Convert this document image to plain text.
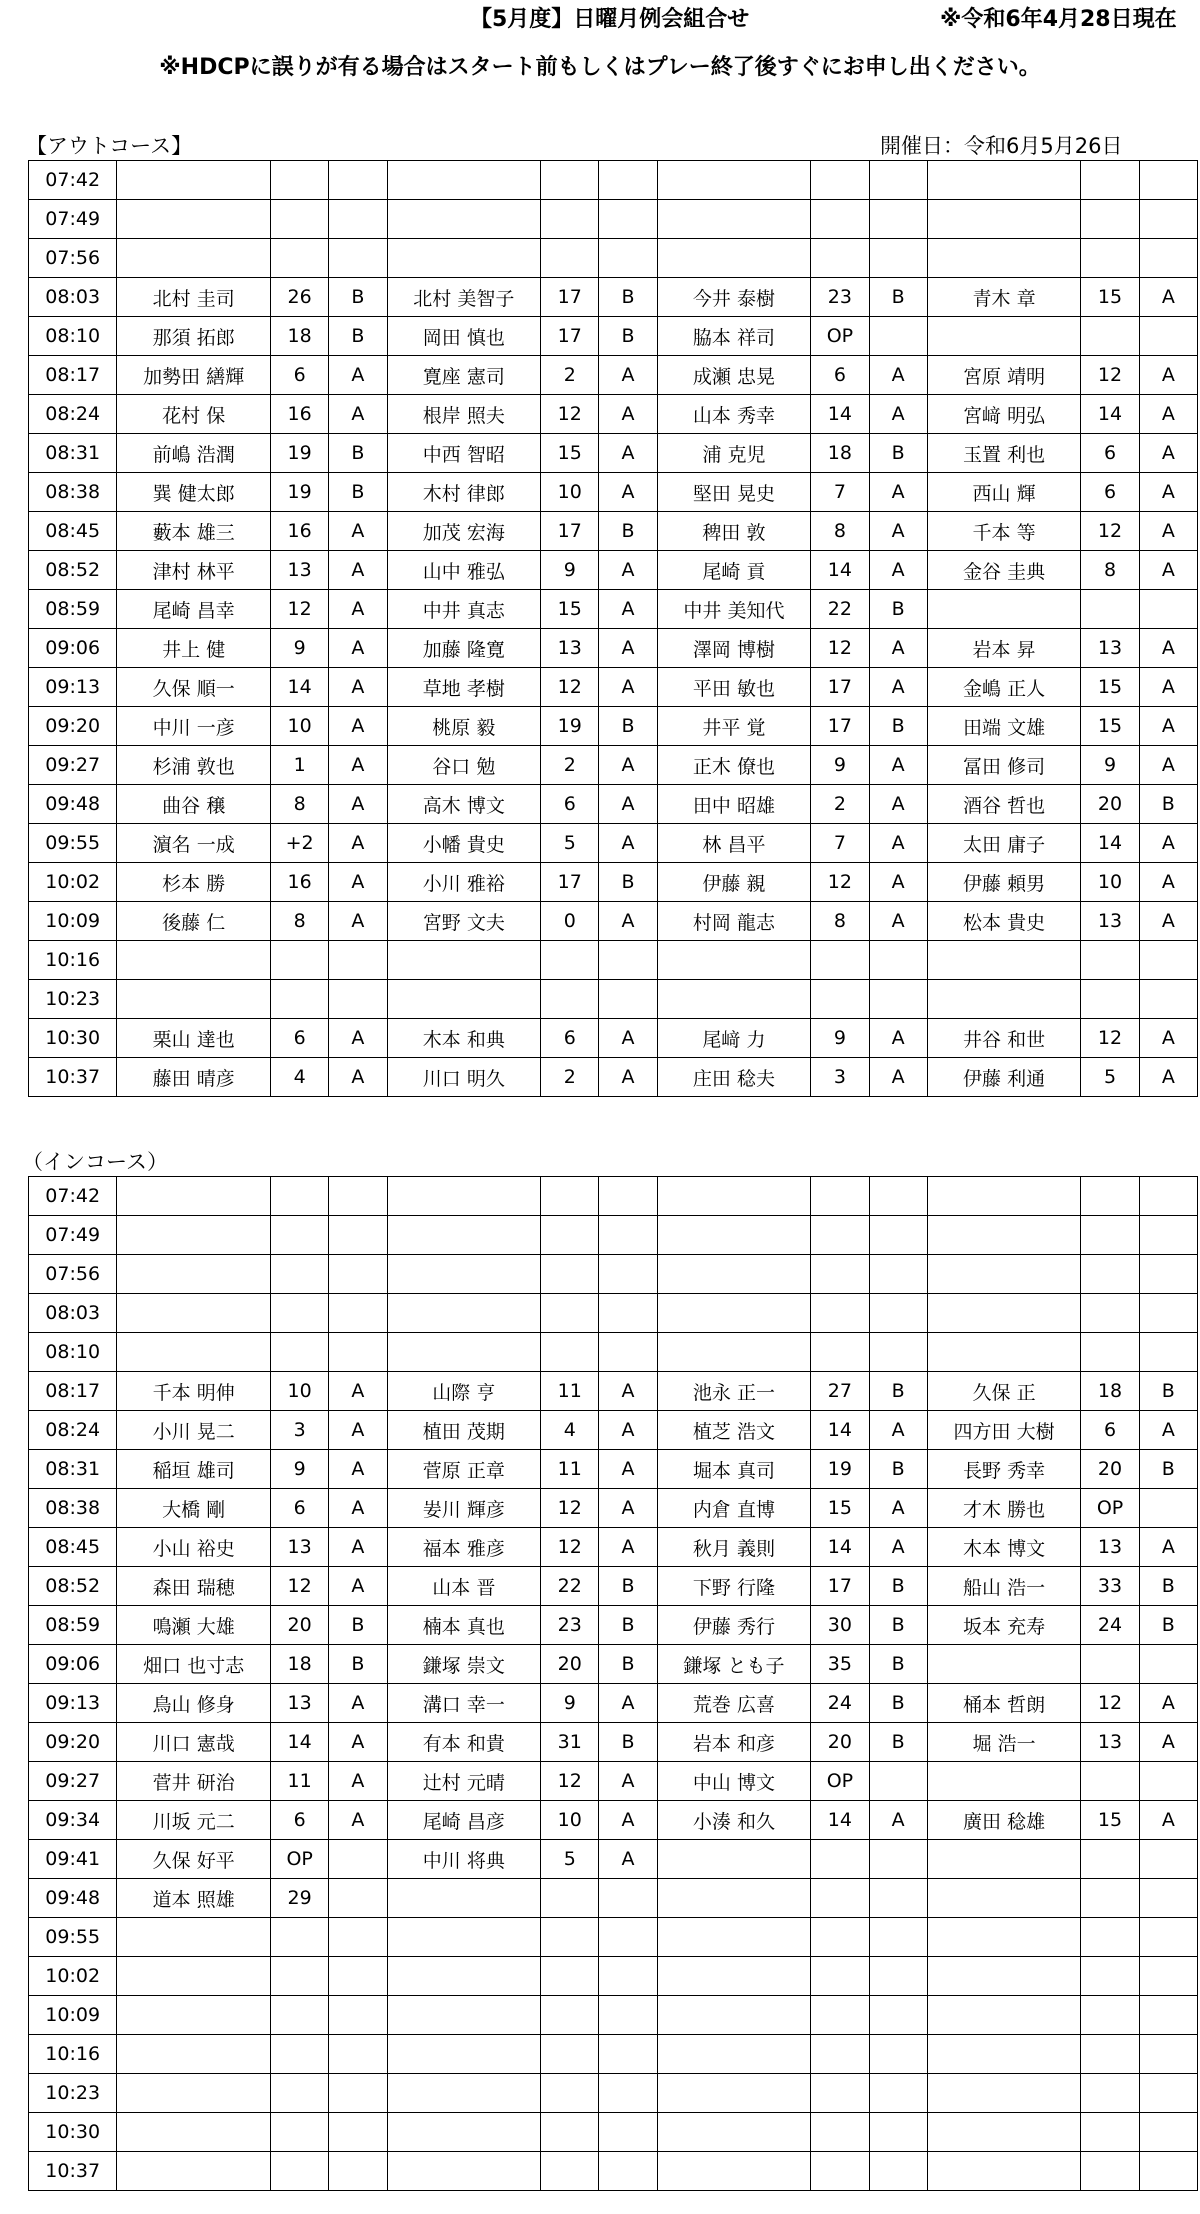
【5月度】日曜月例会組合せ	※令和6年4月28日現在
※HDCPに誤りが有る場合はスタート前もしくはプレー終了後すぐにお申し出ください。
【アウトコース】	開催日：令和6月5月26日
07:42												
07:49												
07:56												
08:03	北村 圭司	26	B	北村 美智子	17	B	今井 泰樹	23	B	青木 章	15	A
08:10	那須 拓郎	18	B	岡田 慎也	17	B	脇本 祥司	OP				
08:17	加勢田 繕輝	6	A	寛座 憲司	2	A	成瀬 忠晃	6	A	宮原 靖明	12	A
08:24	花村 保	16	A	根岸 照夫	12	A	山本 秀幸	14	A	宮﨑 明弘	14	A
08:31	前嶋 浩潤	19	B	中西 智昭	15	A	浦 克児	18	B	玉置 利也	6	A
08:38	巽 健太郎	19	B	木村 律郎	10	A	堅田 晃史	7	A	西山 輝	6	A
08:45	藪本 雄三	16	A	加茂 宏海	17	B	稗田 敦	8	A	千本 等	12	A
08:52	津村 林平	13	A	山中 雅弘	9	A	尾崎 貢	14	A	金谷 圭典	8	A
08:59	尾崎 昌幸	12	A	中井 真志	15	A	中井 美知代	22	B			
09:06	井上 健	9	A	加藤 隆寛	13	A	澤岡 博樹	12	A	岩本 昇	13	A
09:13	久保 順一	14	A	草地 孝樹	12	A	平田 敏也	17	A	金嶋 正人	15	A
09:20	中川 一彦	10	A	桃原 毅	19	B	井平 覚	17	B	田端 文雄	15	A
09:27	杉浦 敦也	1	A	谷口 勉	2	A	正木 僚也	9	A	冨田 修司	9	A
09:48	曲谷 穣	8	A	高木 博文	6	A	田中 昭雄	2	A	酒谷 哲也	20	B
09:55	濵名 一成	+2	A	小幡 貴史	5	A	林 昌平	7	A	太田 庸子	14	A
10:02	杉本 勝	16	A	小川 雅裕	17	B	伊藤 親	12	A	伊藤 頼男	10	A
10:09	後藤 仁	8	A	宮野 文夫	0	A	村岡 龍志	8	A	松本 貴史	13	A
10:16												
10:23												
10:30	栗山 達也	6	A	木本 和典	6	A	尾﨑 力	9	A	井谷 和世	12	A
10:37	藤田 晴彦	4	A	川口 明久	2	A	庄田 稔夫	3	A	伊藤 利通	5	A
（インコース）
07:42												
07:49												
07:56												
08:03												
08:10												
08:17	千本 明伸	10	A	山際 亨	11	A	池永 正一	27	B	久保 正	18	B
08:24	小川 晃二	3	A	植田 茂期	4	A	植芝 浩文	14	A	四方田 大樹	6	A
08:31	稲垣 雄司	9	A	菅原 正章	11	A	堀本 真司	19	B	長野 秀幸	20	B
08:38	大橋 剛	6	A	妛川 輝彦	12	A	内倉 直博	15	A	才木 勝也	OP	
08:45	小山 裕史	13	A	福本 雅彦	12	A	秋月 義則	14	A	木本 博文	13	A
08:52	森田 瑞穂	12	A	山本 晋	22	B	下野 行隆	17	B	船山 浩一	33	B
08:59	鳴瀬 大雄	20	B	楠本 真也	23	B	伊藤 秀行	30	B	坂本 充寿	24	B
09:06	畑口 也寸志	18	B	鎌塚 崇文	20	B	鎌塚 とも子	35	B			
09:13	鳥山 修身	13	A	溝口 幸一	9	A	荒巻 広喜	24	B	桶本 哲朗	12	A
09:20	川口 憲哉	14	A	有本 和貴	31	B	岩本 和彦	20	B	堀 浩一	13	A
09:27	菅井 研治	11	A	辻村 元晴	12	A	中山 博文	OP				
09:34	川坂 元二	6	A	尾崎 昌彦	10	A	小湊 和久	14	A	廣田 稔雄	15	A
09:41	久保 好平	OP		中川 将典	5	A						
09:48	道本 照雄	29										
09:55												
10:02												
10:09												
10:16												
10:23												
10:30												
10:37												
